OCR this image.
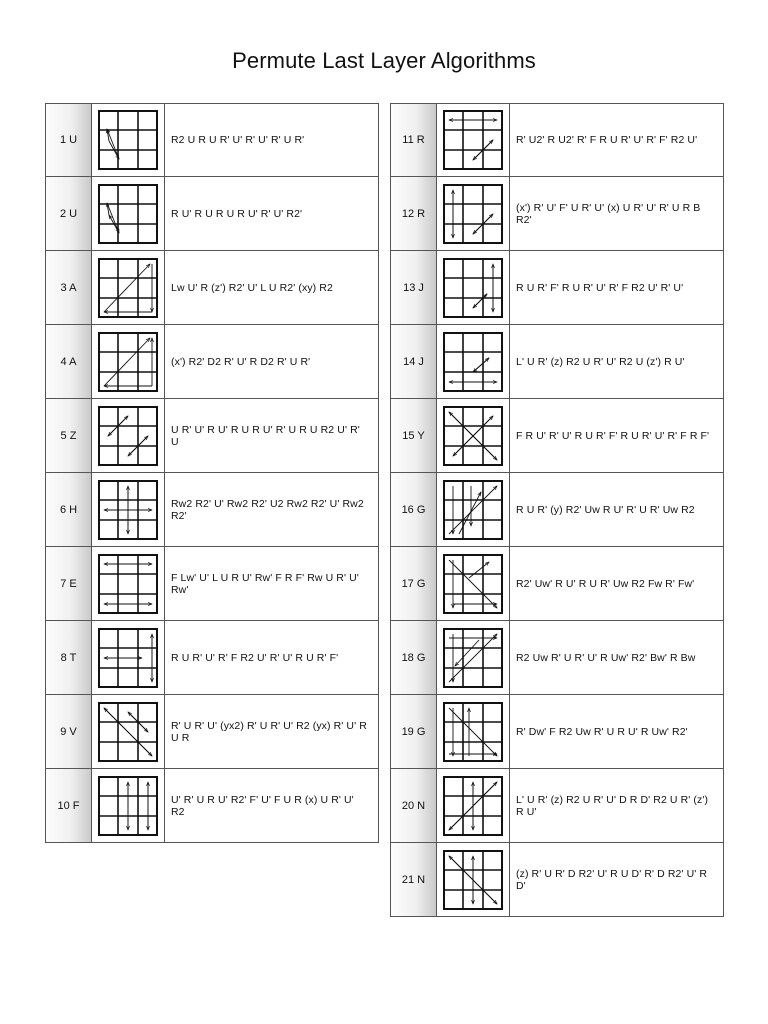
Permute Last Layer Algorithms
1 U	R2 U R U R' U' R' U' R' U R'
2 U	R U' R U R U R U' R' U' R2'
3 A	Lw U' R (z') R2' U' L U R2' (xy) R2
4 A	(x') R2' D2 R' U' R D2 R' U R'
5 Z	U R' U' R U' R U R U' R' U R U R2 U' R' U
6 H	Rw2 R2' U' Rw2 R2' U2 Rw2 R2' U' Rw2 R2'
7 E	F Lw' U' L U R U' Rw' F R F' Rw U R' U' Rw'
8 T	R U R' U' R' F R2 U' R' U' R U R' F'
9 V	R' U R' U' (yx2) R' U R' U' R2 (yx) R' U' R U R
10 F	U' R' U R U' R2' F' U' F U R (x) U R' U' R2
11 R	R' U2' R U2' R' F R U R' U' R' F' R2 U'
12 R	(x') R' U' F' U R' U' (x) U R' U' R' U R B R2'
13 J	R U R' F' R U R' U' R' F R2 U' R' U'
14 J	L' U R' (z) R2 U R' U' R2 U (z') R U'
15 Y	F R U' R' U' R U R' F' R U R' U' R' F R F'
16 G	R U R' (y) R2' Uw R U' R' U R' Uw R2
17 G	R2' Uw' R U' R U R' Uw R2 Fw R' Fw'
18 G	R2 Uw R' U R' U' R Uw' R2' Bw' R Bw
19 G	R' Dw' F R2 Uw R' U R U' R Uw' R2'
20 N	L' U R' (z) R2 U R' U' D R D' R2 U R' (z') R U'
21 N	(z) R' U R' D R2' U' R U D' R' D R2' U' R D'
